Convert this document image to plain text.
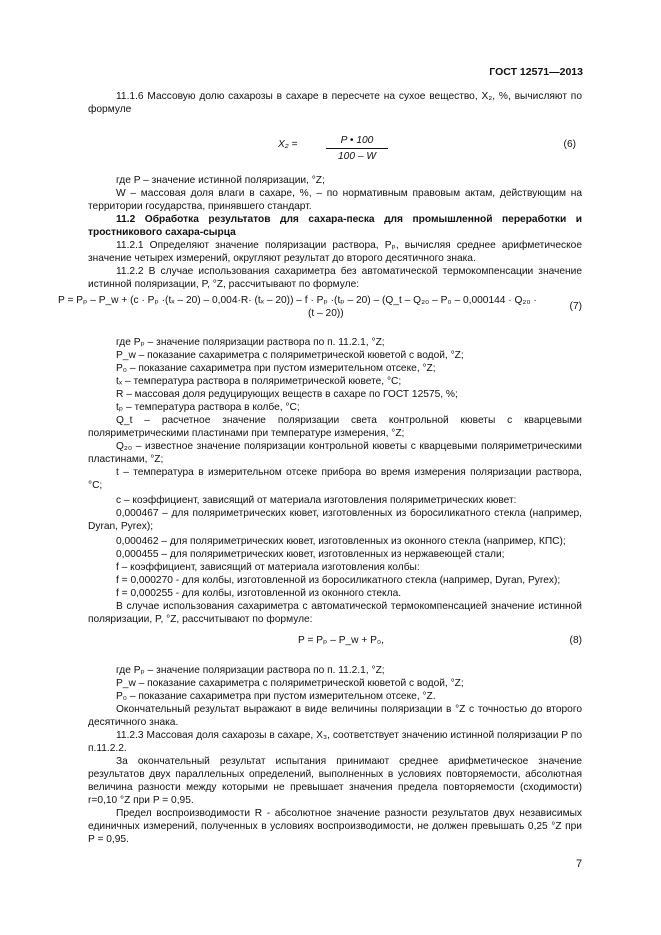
ГОСТ 12571—2013

11.1.6 Массовую долю сахарозы в сахаре в пересчете на сухое вещество, X₂, %, вычисляют по формуле

X₂ =	$\frac{P • 100}{100 - W}$	(6)

где P – значение истинной поляризации, °Z;

W – массовая доля влаги в сахаре, %, – по нормативным правовым актам, действующим на территории государства, принявшего стандарт.

11.2 Обработка результатов для сахара-песка для промышленной переработки и тростникового сахара-сырца

11.2.1 Определяют значение поляризации раствора, Pₚ, вычисляя среднее арифметическое значение четырех измерений, округляют результат до второго десятичного знака.

11.2.2 В случае использования сахариметра без автоматической термокомпенсации значение истинной поляризации, P, °Z, рассчитывают по формуле:

P = Pₚ – P_w + (c · Pₚ ·(tₓ – 20) – 0,004·R· (tₓ – 20)) – f · Pₚ ·(tₚ – 20) – (Q_t – Q₂₀ – P₀ – 0,000144 · Q₂₀ ·
(t – 20))
(7)

где Pₚ – значение поляризации раствора по п. 11.2.1, °Z;

P_w – показание сахариметра с поляриметрической кюветой с водой, °Z;

P₀ – показание сахариметра при пустом измерительном отсеке, °Z;

tₓ – температура раствора в поляриметрической кювете, °C;

R – массовая доля редуцирующих веществ в сахаре по ГОСТ 12575, %;

tₚ – температура раствора в колбе, °C;

Q_t – расчетное значение поляризации света контрольной кюветы с кварцевыми поляриметрическими пластинами при температуре измерения, °Z;

Q₂₀ – известное значение поляризации контрольной кюветы с кварцевыми поляриметрическими пластинами, °Z;

t – температура в измерительном отсеке прибора во время измерения поляризации раствора, °C;

c – коэффициент, зависящий от материала изготовления поляриметрических кювет:

0,000467 – для поляриметрических кювет, изготовленных из боросиликатного стекла (например, Dyran, Pyrex);

0,000462 – для поляриметрических кювет, изготовленных из оконного стекла (например, КПС);

0,000455 – для поляриметрических кювет, изготовленных из нержавеющей стали;

f – коэффициент, зависящий от материала изготовления колбы:

f = 0,000270 - для колбы, изготовленной из боросиликатного стекла (например, Dyran, Pyrex);

f = 0,000255 - для колбы, изготовленной из оконного стекла.

В случае использования сахариметра с автоматической термокомпенсацией значение истинной поляризации, P, °Z, рассчитывают по формуле:

P = Pₚ – P_w + P₀,	(8)

где Pₚ – значение поляризации раствора по п. 11.2.1, °Z;

P_w – показание сахариметра с поляриметрической кюветой с водой, °Z;

P₀ – показание сахариметра при пустом измерительном отсеке, °Z.

Окончательный результат выражают в виде величины поляризации в °Z с точностью до второго десятичного знака.

11.2.3 Массовая доля сахарозы в сахаре, X₃, соответствует значению истинной поляризации P по п.11.2.2.

За окончательный результат испытания принимают среднее арифметическое значение результатов двух параллельных определений, выполненных в условиях повторяемости, абсолютная величина разности между которыми не превышает значения предела повторяемости (сходимости) r=0,10 °Z при P = 0,95.

Предел воспроизводимости R - абсолютное значение разности результатов двух независимых единичных измерений, полученных в условиях воспроизводимости, не должен превышать 0,25 °Z при P = 0,95.

7
